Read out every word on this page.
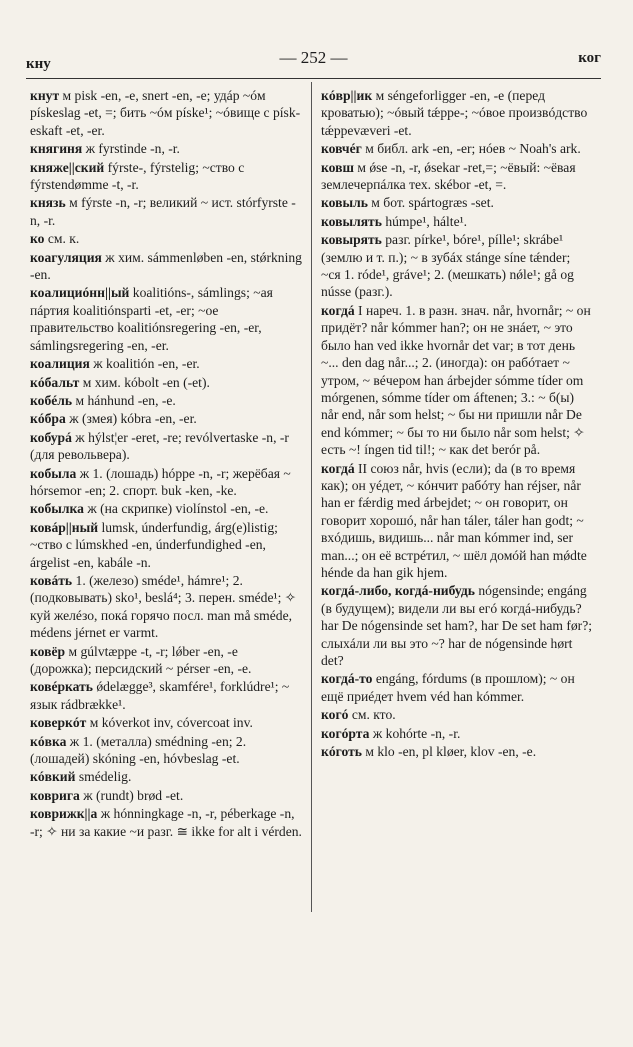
кну	— 252 —	ког
кнут м pisk -en, -e, snert -en, -e; удáр ~óм pískeslag -et, =; бить ~óм píske¹; ~óвище с pískeskaft -et, -er.
княгиня ж fyrstinde -n, -r.
княже||ский fýrste-, fýrstelig; ~ство с fýrstendømme -t, -r.
князь м fýrste -n, -r; великий ~ ист. stórfyrste -n, -r.
ко см. к.
коагуляция ж хим. sámmenløben -en, stǿrkning -en.
коалициóнн||ый koalitións-, sámlings; ~ая пáртия koalitiónsparti -et, -er; ~ое правительство koalitiónsregering -en, -er, sámlingsregering -en, -er.
коалиция ж koalitión -en, -er.
кóбальт м хим. kóbolt -en (-et).
кобéль м hánhund -en, -e.
кóбра ж (змея) kóbra -en, -er.
кобурá ж hýlst¦er -eret, -re; revólvertaske -n, -r (для револьвера).
кобыла ж 1. (лошадь) hóppe -n, -r; жерёбая ~ hórsemor -en; 2. спорт. buk -ken, -ke.
кобылка ж (на скрипке) violínstol -en, -e.
ковáр||ный lumsk, únderfundig, árg(e)listig; ~ство с lúmskhed -en, únderfundighed -en, árgelist -en, kabále -n.
ковáть 1. (железо) sméde¹, hámre¹; 2. (подковывать) sko¹, beslá⁴; 3. перен. sméde¹; ✧ куй желéзо, покá горячо посл. man må sméde, médens jérnet er varmt.
ковёр м gúlvtæppe -t, -r; lǿber -en, -e (дорожка); персидский ~ pérser -en, -e.
ковéркать ǿdelægge³, skamfére¹, forklúdre¹; ~ язык rádbrække¹.
коверкóт м kóverkot inv, cóvercoat inv.
кóвка ж 1. (металла) smédning -en; 2. (лошадей) skóning -en, hóvbeslag -et.
кóвкий smédelig.
коврига ж (rundt) brød -et.
коврижк||а ж hónningkage -n, -r, péberkage -n, -r; ✧ ни за какие ~и разг. ≅ ikke for alt i vérden.
кóвр||ик м séngeforligger -en, -e (перед кроватью); ~óвый tǽppe-; ~óвое произвóдство tǽppevæveri -et.
ковчéг м библ. ark -en, -er; нóев ~ Noah's ark.
ковш м ǿse -n, -r, ǿsekar -ret,=; ~ёвый: ~ёвая землечерпáлка тех. skébor -et, =.
ковыль м бот. spártogræs -set.
ковылять húmpe¹, hálte¹.
ковырять разг. pírke¹, bóre¹, pílle¹; skrábe¹ (землю и т. п.); ~ в зубáх stánge síne tǽnder; ~ся 1. róde¹, gráve¹; 2. (мешкать) nǿle¹; gå og nússe (разг.).
когдá I нареч. 1. в разн. знач. når, hvornår; ~ он придёт? når kómmer han?; он не знáет, ~ это было han ved ikke hvornår det var; в тот день ~... den dag når...; 2. (иногда): он рабóтает ~ утром, ~ вéчером han árbejder sómme tíder om mórgenen, sómme tíder om áftenen; 3.: ~ б(ы) når end, når som helst; ~ бы ни пришли når De end kómmer; ~ бы то ни было når som helst; ✧ есть ~! íngen tid til!; ~ как det berór på.
когдá II союз når, hvis (если); da (в то время как); он уéдет, ~ кóнчит рабóту han réjser, når han er fǽrdig med árbejdet; ~ он говорит, он говорит хорошó, når han táler, táler han godt; ~ вхóдишь, видишь... når man kómmer ind, ser man...; он её встрéтил, ~ шёл домóй han mǿdte hénde da han gik hjem.
когдá-либо, когдá-нибудь nógensinde; engáng (в будущем); видели ли вы егó когдá-нибудь? har De nógensinde set ham?, har De set ham før?; слыхáли ли вы это ~? har de nógensinde hørt det?
когдá-то engáng, fórdums (в прошлом); ~ он ещё приéдет hvem véd han kómmer.
когó см. кто.
когóрта ж kohórte -n, -r.
кóготь м klo -en, pl kløer, klov -en, -e.
